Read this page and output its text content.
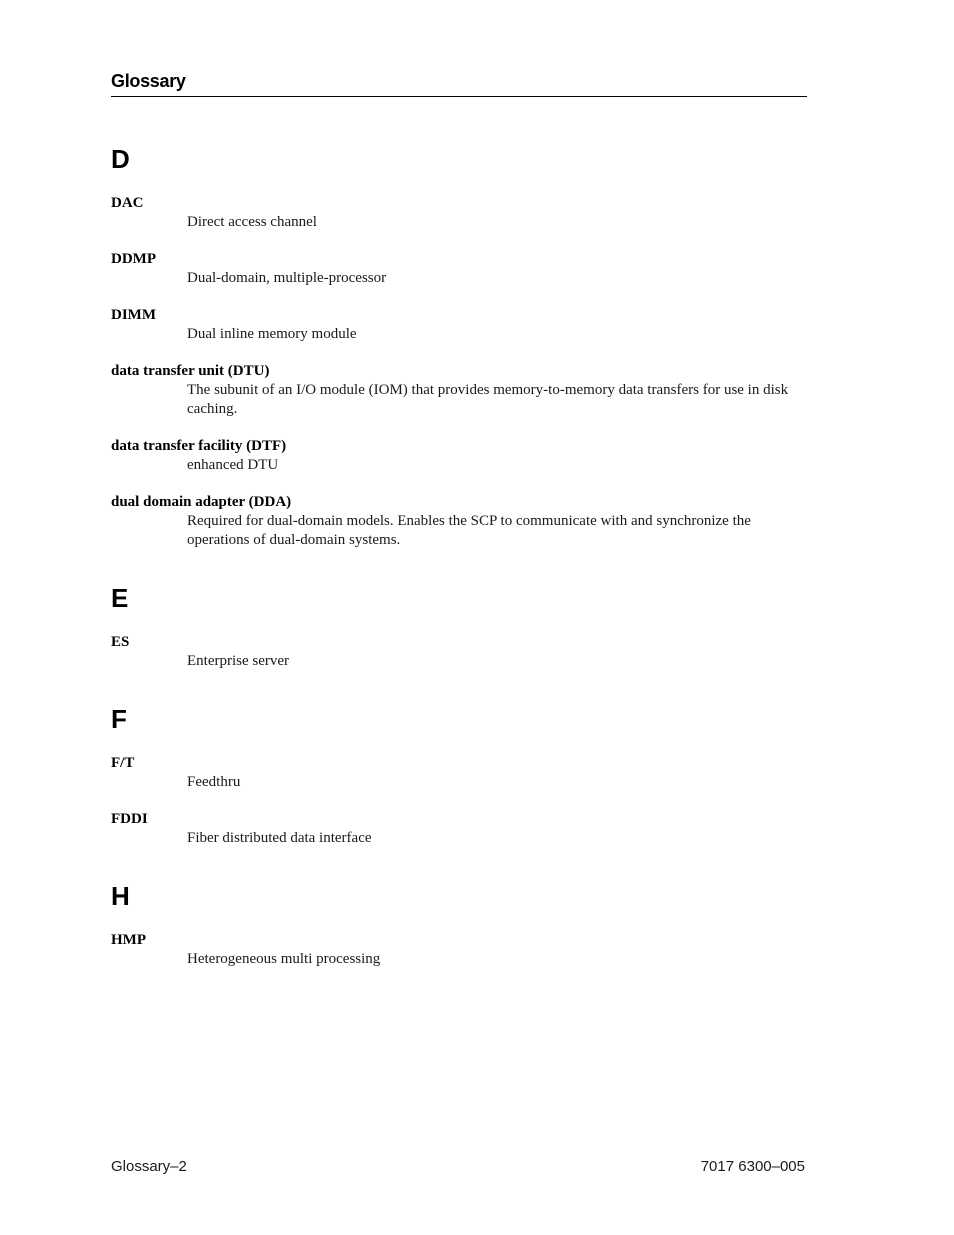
Glossary
D
DAC
Direct access channel
DDMP
Dual-domain, multiple-processor
DIMM
Dual inline memory module
data transfer unit (DTU)
The subunit of an I/O module (IOM) that provides memory-to-memory data transfers for use in disk caching.
data transfer facility (DTF)
enhanced DTU
dual domain adapter (DDA)
Required for dual-domain models. Enables the SCP to communicate with and synchronize the operations of dual-domain systems.
E
ES
Enterprise server
F
F/T
Feedthru
FDDI
Fiber distributed data interface
H
HMP
Heterogeneous multi processing
Glossary–2	7017 6300–005
